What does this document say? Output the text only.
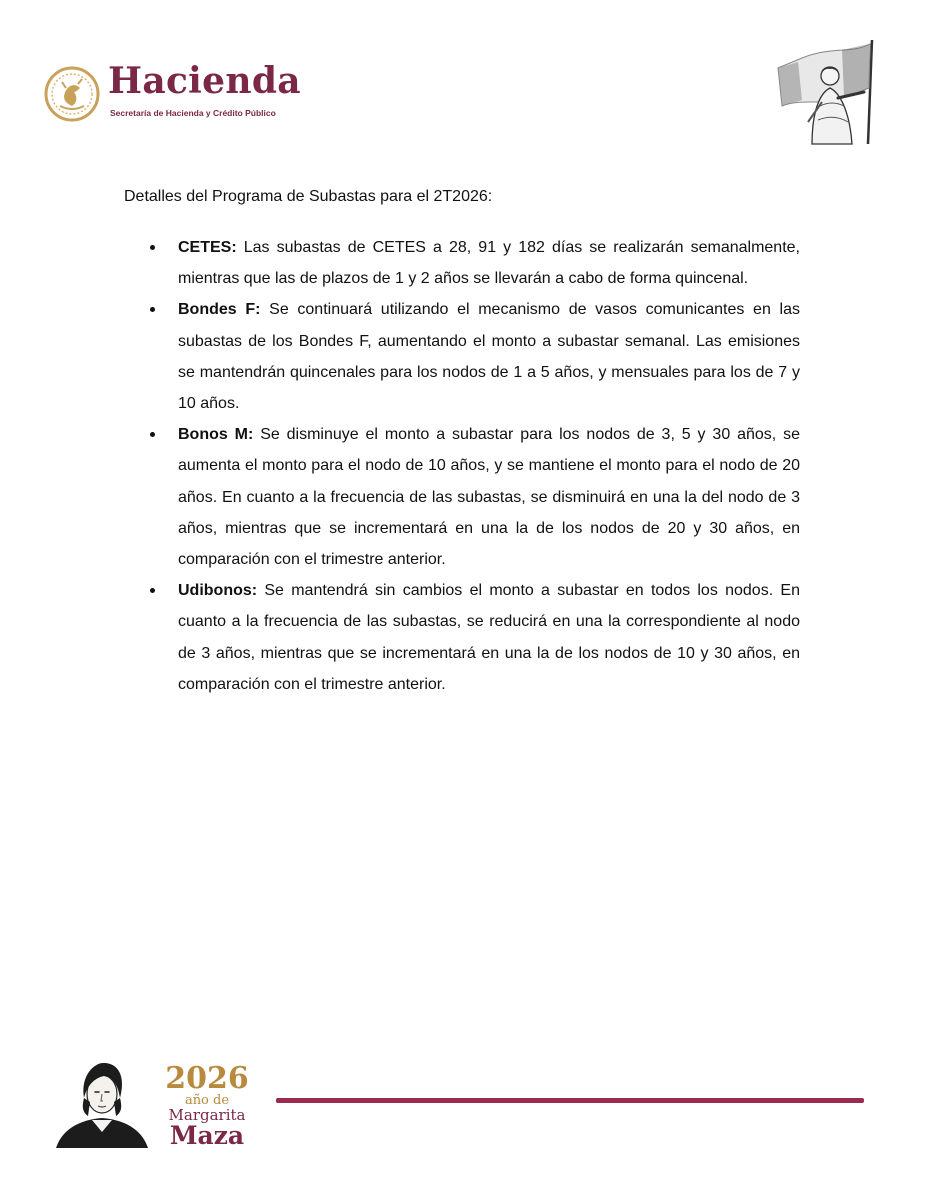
Hacienda
Secretaría de Hacienda y Crédito Público
Detalles del Programa de Subastas para el 2T2026:
CETES: Las subastas de CETES a 28, 91 y 182 días se realizarán semanalmente, mientras que las de plazos de 1 y 2 años se llevarán a cabo de forma quincenal.
Bondes F: Se continuará utilizando el mecanismo de vasos comunicantes en las subastas de los Bondes F, aumentando el monto a subastar semanal. Las emisiones se mantendrán quincenales para los nodos de 1 a 5 años, y mensuales para los de 7 y 10 años.
Bonos M: Se disminuye el monto a subastar para los nodos de 3, 5 y 30 años, se aumenta el monto para el nodo de 10 años, y se mantiene el monto para el nodo de 20 años. En cuanto a la frecuencia de las subastas, se disminuirá en una la del nodo de 3 años, mientras que se incrementará en una la de los nodos de 20 y 30 años, en comparación con el trimestre anterior.
Udibonos: Se mantendrá sin cambios el monto a subastar en todos los nodos. En cuanto a la frecuencia de las subastas, se reducirá en una la correspondiente al nodo de 3 años, mientras que se incrementará en una la de los nodos de 10 y 30 años, en comparación con el trimestre anterior.
2026
año de
Margarita
Maza
